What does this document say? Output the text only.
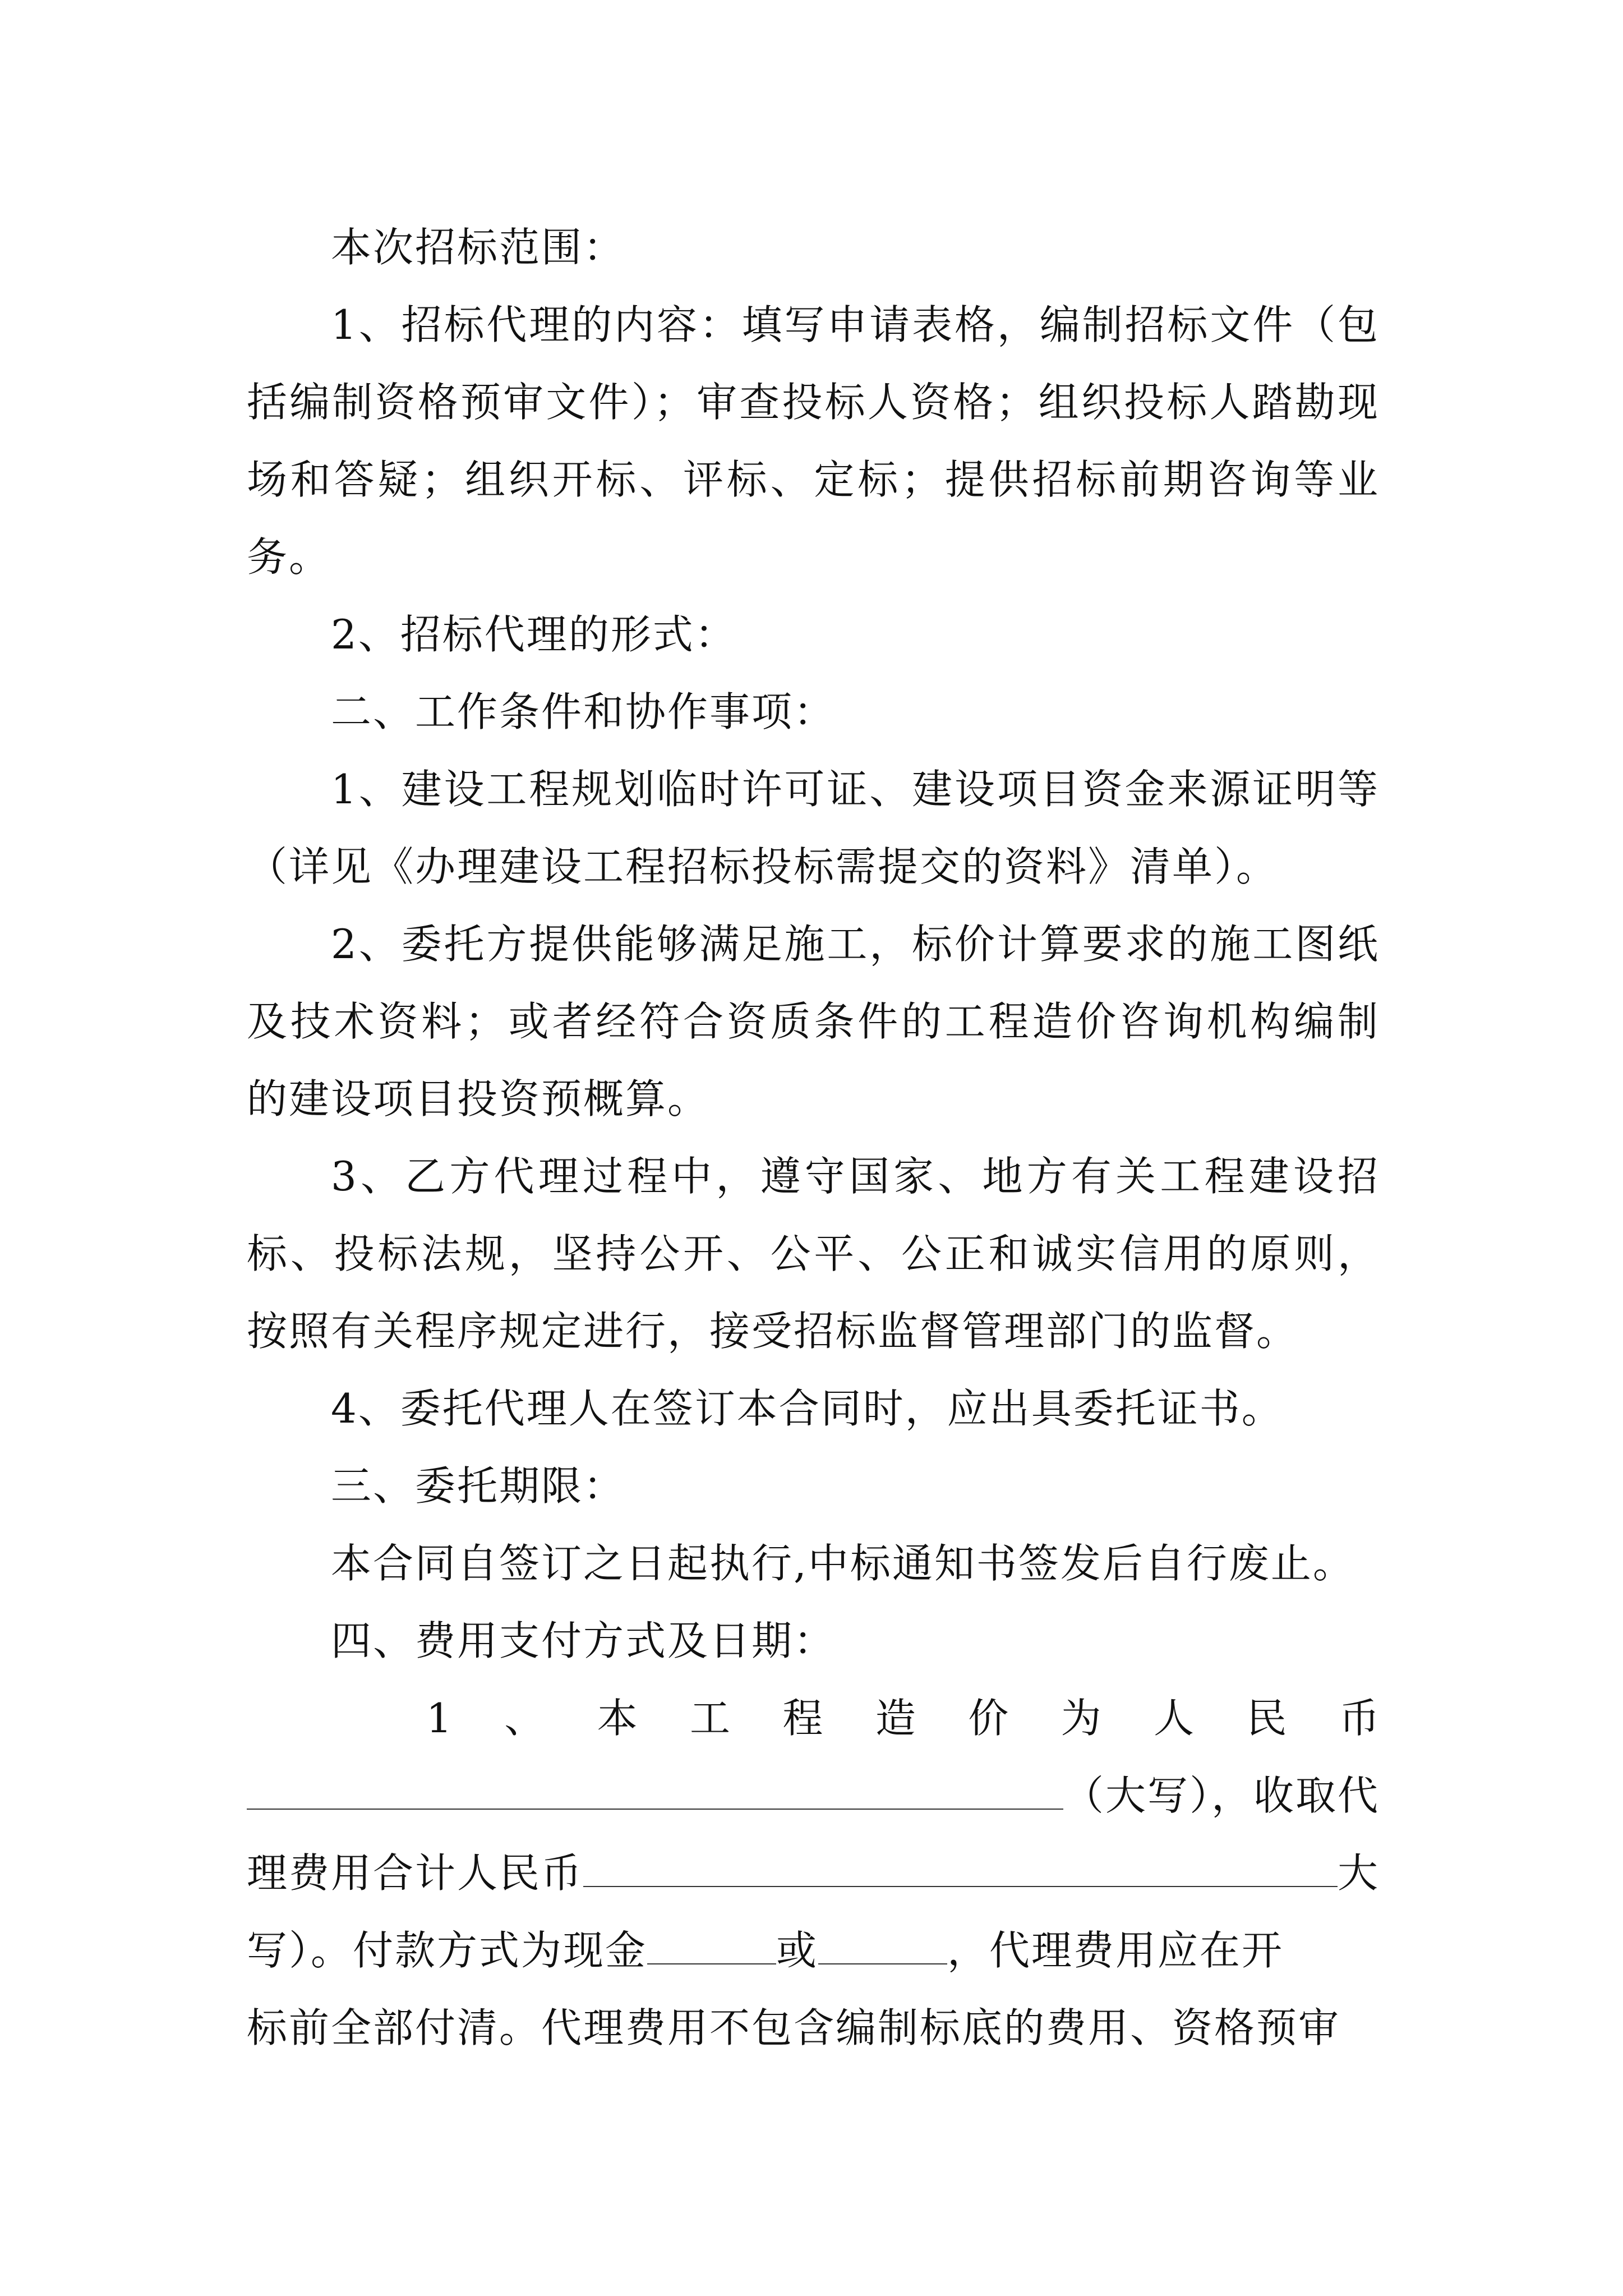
本次招标范围：

1、招标代理的内容：填写申请表格，编制招标文件（包括编制资格预审文件）；审查投标人资格；组织投标人踏勘现场和答疑；组织开标、评标、定标；提供招标前期咨询等业务。

2、招标代理的形式：

二、工作条件和协作事项：

1、建设工程规划临时许可证、建设项目资金来源证明等（详见《办理建设工程招标投标需提交的资料》清单）。

2、委托方提供能够满足施工，标价计算要求的施工图纸及技术资料；或者经符合资质条件的工程造价咨询机构编制的建设项目投资预概算。

3、乙方代理过程中，遵守国家、地方有关工程建设招标、投标法规，坚持公开、公平、公正和诚实信用的原则，按照有关程序规定进行，接受招标监督管理部门的监督。

4、委托代理人在签订本合同时，应出具委托证书。

三、委托期限：

本合同自签订之日起执行,中标通知书签发后自行废止。

四、费用支付方式及日期：

1 、 本 工 程 造 价 为 人 民 币
（大写），收取代
理费用合计人民币	大
写）。付款方式为现金	或	，代理费用应在开

标前全部付清。代理费用不包含编制标底的费用、资格预审
